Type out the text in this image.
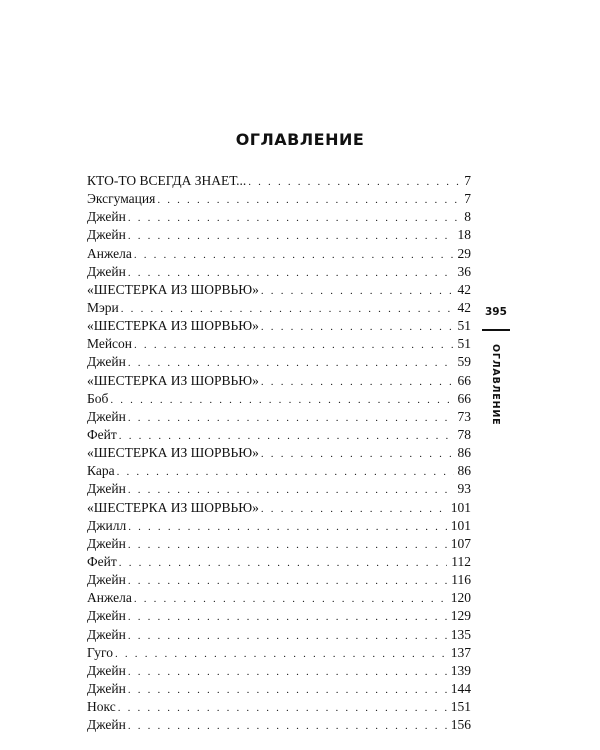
ОГЛАВЛЕНИЕ
КТО-ТО ВСЕГДА ЗНАЕТ... . . .	7
Эксгумация . . .	7
Джейн . . .	8
Джейн . . .	18
Анжела . . .	29
Джейн . . .	36
«ШЕСТЕРКА ИЗ ШОРВЬЮ» . . .	42
Мэри . . .	42
«ШЕСТЕРКА ИЗ ШОРВЬЮ» . . .	51
Мейсон . . .	51
Джейн . . .	59
«ШЕСТЕРКА ИЗ ШОРВЬЮ» . . .	66
Боб . . .	66
Джейн . . .	73
Фейт . . .	78
«ШЕСТЕРКА ИЗ ШОРВЬЮ» . . .	86
Кара . . .	86
Джейн . . .	93
«ШЕСТЕРКА ИЗ ШОРВЬЮ» . . .	101
Джилл . . .	101
Джейн . . .	107
Фейт . . .	112
Джейн . . .	116
Анжела . . .	120
Джейн . . .	129
Джейн . . .	135
Гуго . . .	137
Джейн . . .	139
Джейн . . .	144
Нокс . . .	151
Джейн . . .	156
395
ОГЛАВЛЕНИЕ
